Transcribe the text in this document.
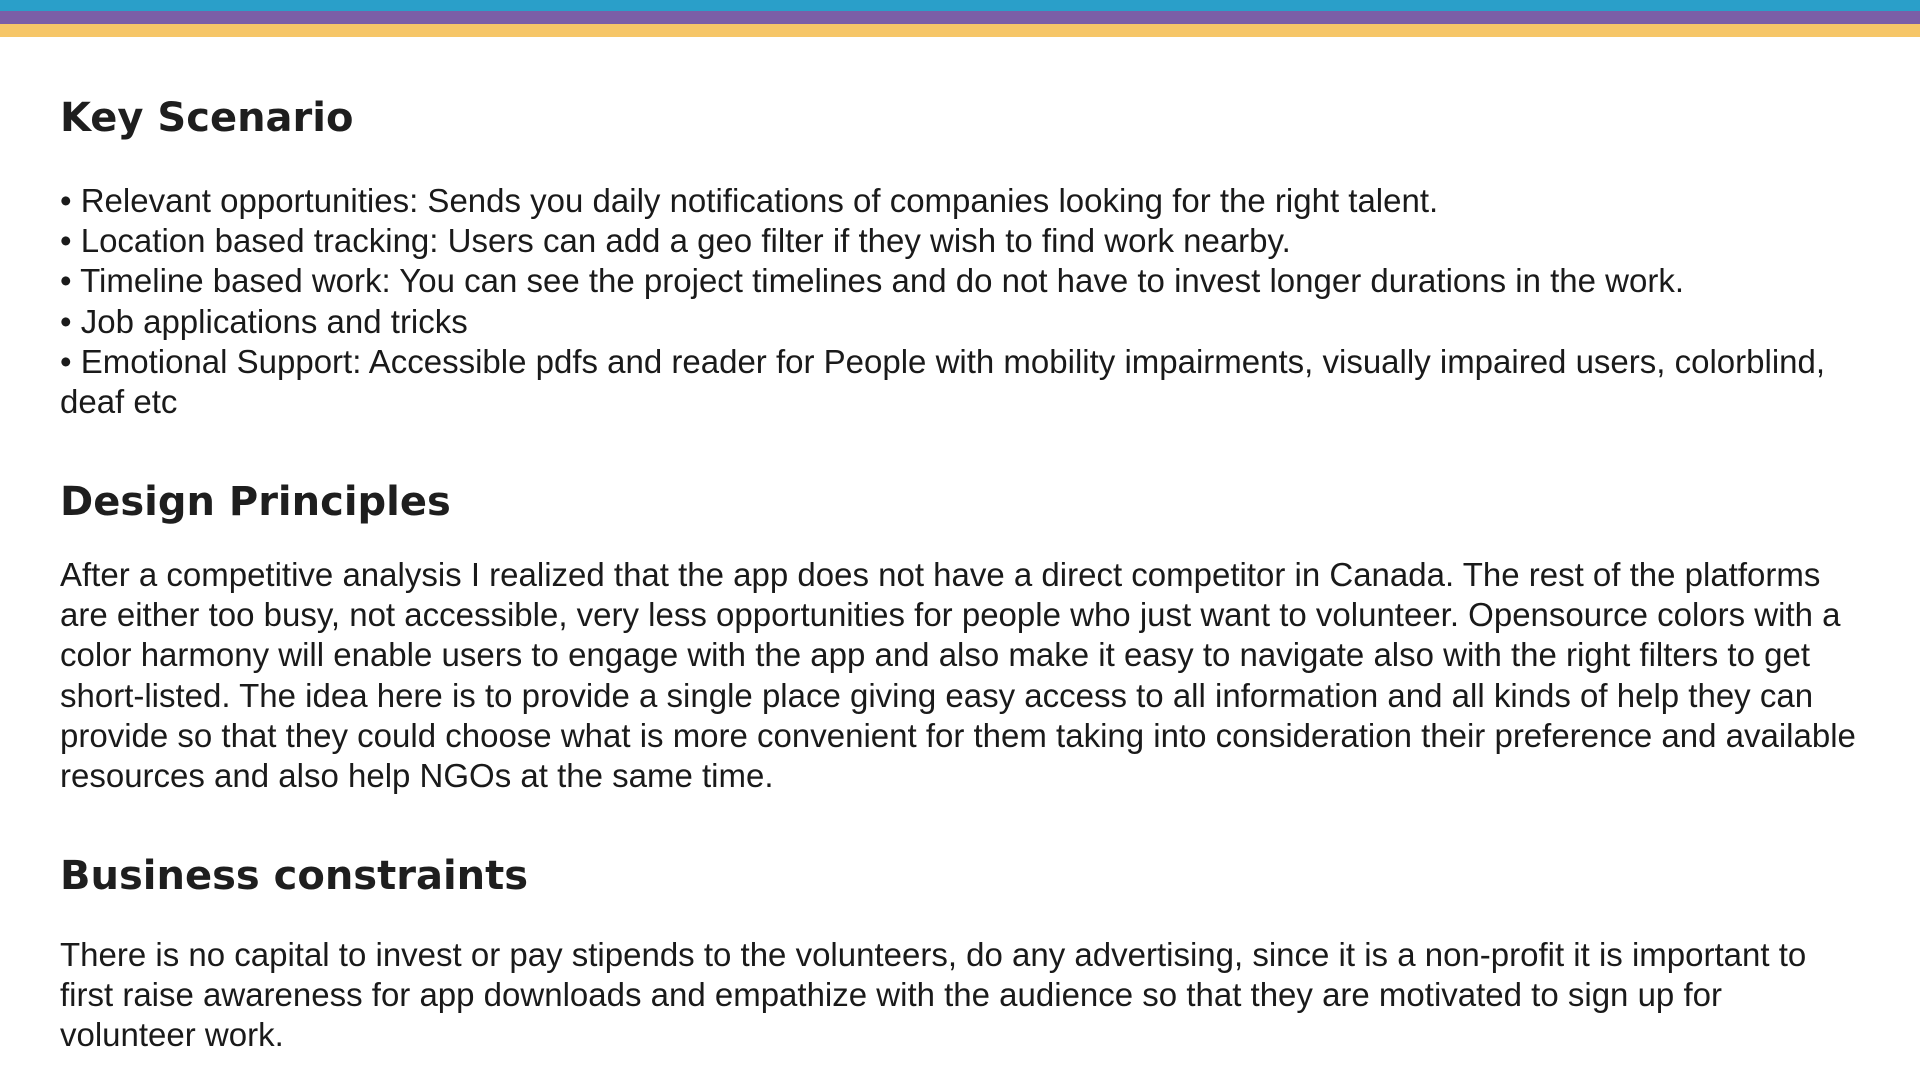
Key Scenario
• Relevant opportunities: Sends you daily notifications of companies looking for the right talent.
• Location based tracking: Users can add a geo filter if they wish to find work nearby.
• Timeline based work: You can see the project timelines and do not have to invest longer durations in the work.
• Job applications and tricks
• Emotional Support: Accessible pdfs and reader for People with mobility impairments, visually impaired users, colorblind, deaf etc
Design Principles

After a competitive analysis I realized that the app does not have a direct competitor in Canada. The rest of the platforms are either too busy, not accessible, very less opportunities for people who just want to volunteer. Opensource colors with a color harmony will enable users to engage with the app and also make it easy to navigate also with the right filters to get short-listed. The idea here is to provide a single place giving easy access to all information and all kinds of help they can provide so that they could choose what is more convenient for them taking into consideration their preference and available resources and also help NGOs at the same time.

Business constraints

There is no capital to invest or pay stipends to the volunteers, do any advertising, since it is a non-profit it is important to first raise awareness for app downloads and empathize with the audience so that they are motivated to sign up for volunteer work.
